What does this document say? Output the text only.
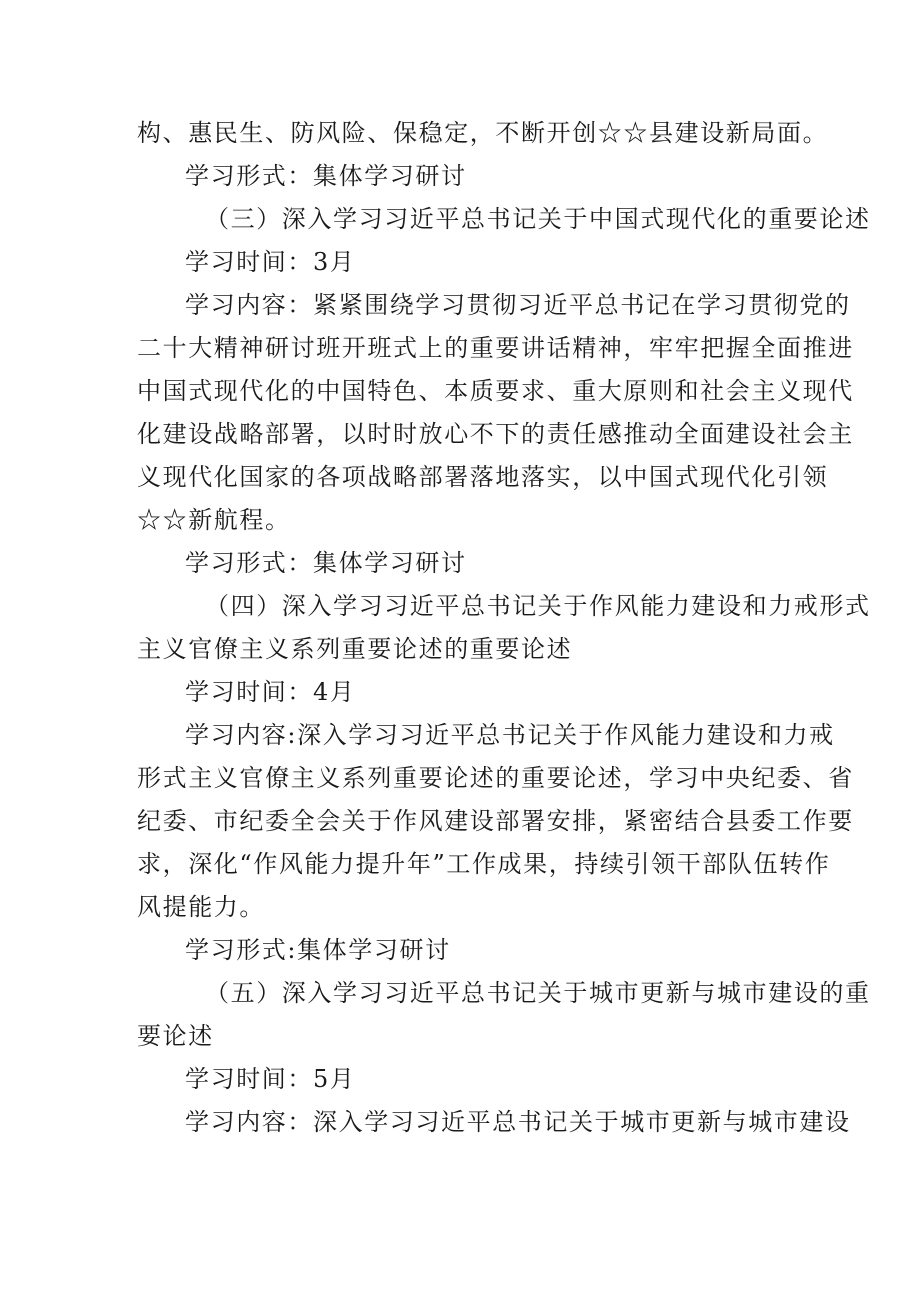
构、惠民生、防风险、保稳定，不断开创☆☆县建设新局面。
学习形式：集体学习研讨
（三）深入学习习近平总书记关于中国式现代化的重要论述
学习时间：3月
学习内容：紧紧围绕学习贯彻习近平总书记在学习贯彻党的
二十大精神研讨班开班式上的重要讲话精神，牢牢把握全面推进
中国式现代化的中国特色、本质要求、重大原则和社会主义现代
化建设战略部署，以时时放心不下的责任感推动全面建设社会主
义现代化国家的各项战略部署落地落实，以中国式现代化引领
☆☆新航程。
学习形式：集体学习研讨
（四）深入学习习近平总书记关于作风能力建设和力戒形式
主义官僚主义系列重要论述的重要论述
学习时间：4月
学习内容:深入学习习近平总书记关于作风能力建设和力戒
形式主义官僚主义系列重要论述的重要论述，学习中央纪委、省
纪委、市纪委全会关于作风建设部署安排，紧密结合县委工作要
求，深化“作风能力提升年”工作成果，持续引领干部队伍转作
风提能力。
学习形式:集体学习研讨
（五）深入学习习近平总书记关于城市更新与城市建设的重
要论述
学习时间：5月
学习内容：深入学习习近平总书记关于城市更新与城市建设
